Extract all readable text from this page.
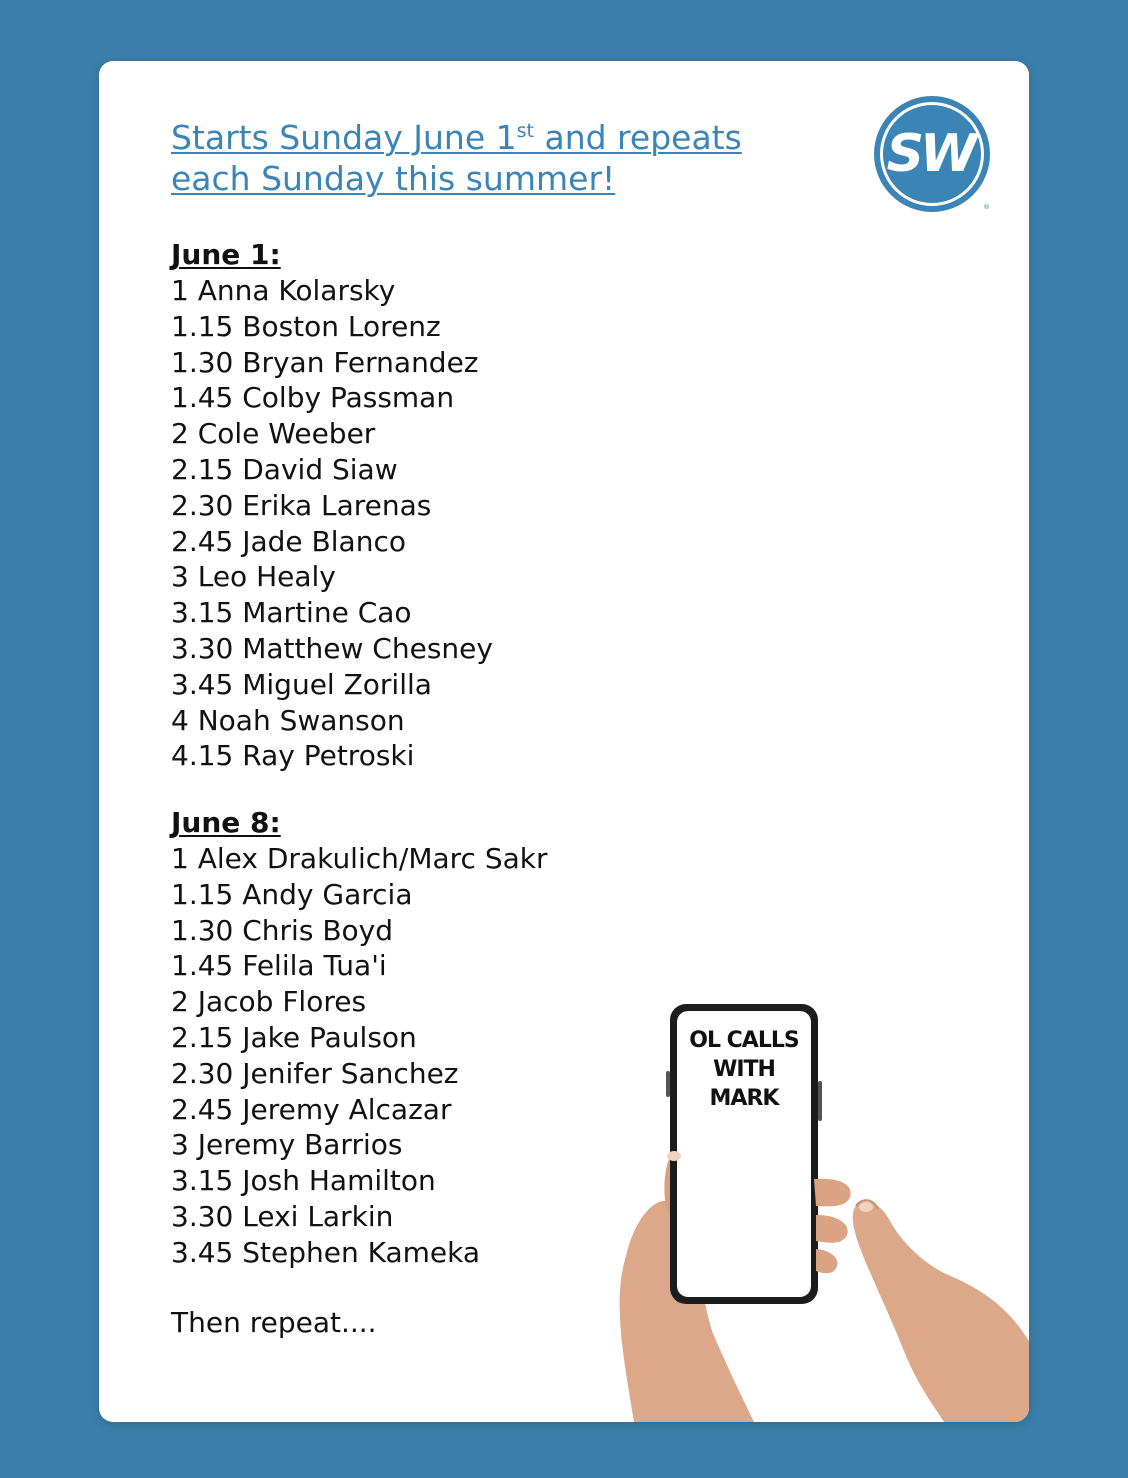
Starts Sunday June 1st and repeats
each Sunday this summer!	SW
®
June 1:

1 Anna Kolarsky

1.15 Boston Lorenz

1.30 Bryan Fernandez

1.45 Colby Passman

2 Cole Weeber

2.15 David Siaw

2.30 Erika Larenas

2.45 Jade Blanco

3 Leo Healy

3.15 Martine Cao

3.30 Matthew Chesney

3.45 Miguel Zorilla

4 Noah Swanson

4.15 Ray Petroski

June 8:

1 Alex Drakulich/Marc Sakr

1.15 Andy Garcia

1.30 Chris Boyd

1.45 Felila Tua'i

2 Jacob Flores

2.15 Jake Paulson

2.30 Jenifer Sanchez

2.45 Jeremy Alcazar

3 Jeremy Barrios

3.15 Josh Hamilton

3.30 Lexi Larkin

3.45 Stephen Kameka

Then repeat....
OL CALLS
WITH
MARK
